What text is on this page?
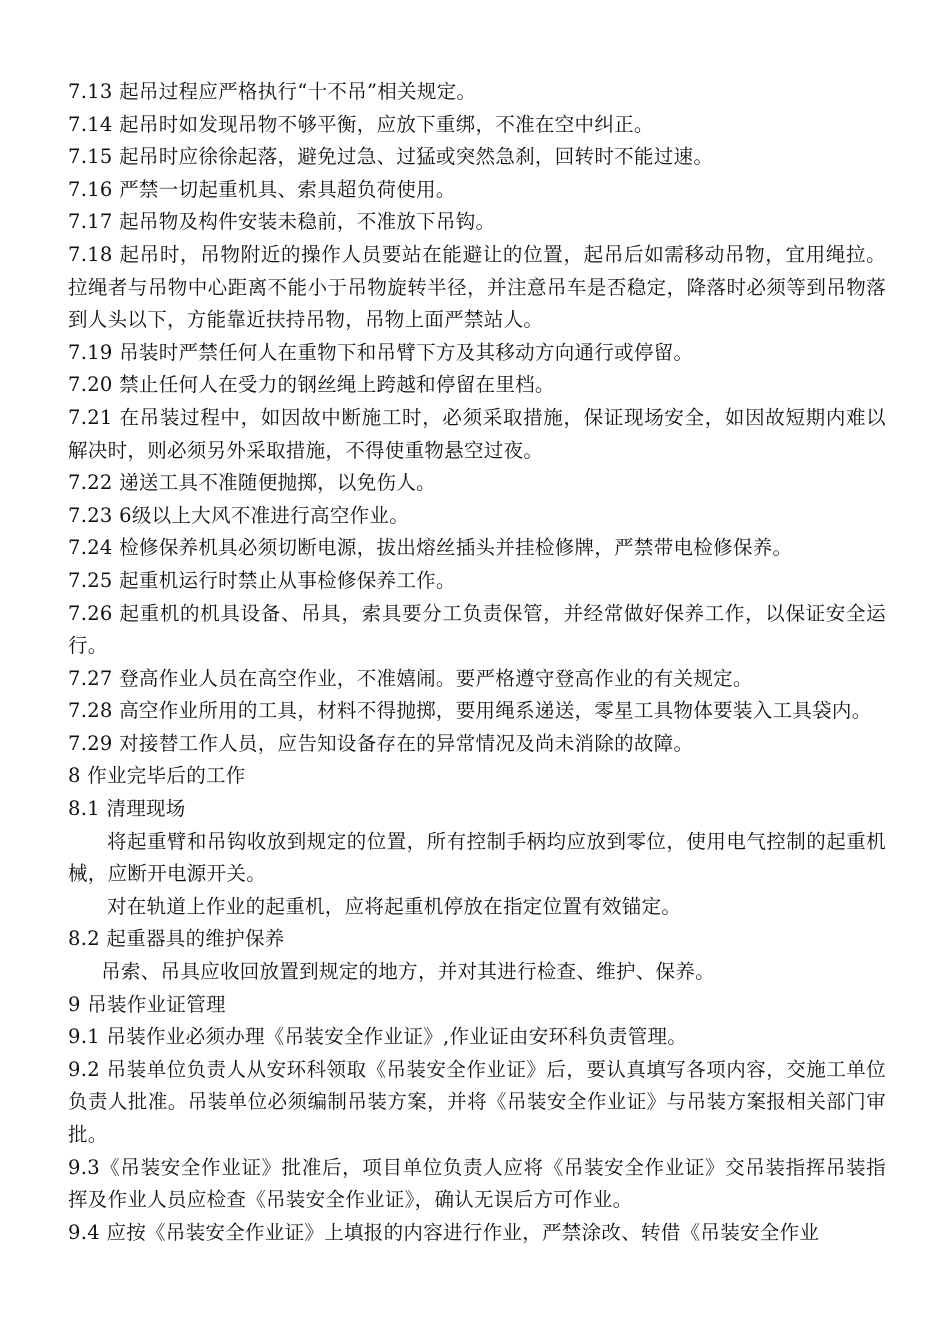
7.13 起吊过程应严格执行“十不吊”相关规定。

7.14 起吊时如发现吊物不够平衡，应放下重绑，不准在空中纠正。

7.15 起吊时应徐徐起落，避免过急、过猛或突然急刹，回转时不能过速。

7.16 严禁一切起重机具、索具超负荷使用。

7.17 起吊物及构件安装未稳前，不准放下吊钩。

7.18 起吊时，吊物附近的操作人员要站在能避让的位置，起吊后如需移动吊物，宜用绳拉。拉绳者与吊物中心距离不能小于吊物旋转半径，并注意吊车是否稳定，降落时必须等到吊物落到人头以下，方能靠近扶持吊物，吊物上面严禁站人。

7.19 吊装时严禁任何人在重物下和吊臂下方及其移动方向通行或停留。

7.20 禁止任何人在受力的钢丝绳上跨越和停留在里档。

7.21 在吊装过程中，如因故中断施工时，必须采取措施，保证现场安全，如因故短期内难以解决时，则必须另外采取措施，不得使重物悬空过夜。

7.22 递送工具不准随便抛掷，以免伤人。

7.23 6级以上大风不准进行高空作业。

7.24 检修保养机具必须切断电源，拔出熔丝插头并挂检修牌，严禁带电检修保养。

7.25 起重机运行时禁止从事检修保养工作。

7.26 起重机的机具设备、吊具，索具要分工负责保管，并经常做好保养工作，以保证安全运行。

7.27 登高作业人员在高空作业，不准嬉闹。要严格遵守登高作业的有关规定。

7.28 高空作业所用的工具，材料不得抛掷，要用绳系递送，零星工具物体要装入工具袋内。

7.29 对接替工作人员，应告知设备存在的异常情况及尚未消除的故障。

8 作业完毕后的工作

8.1 清理现场

将起重臂和吊钩收放到规定的位置，所有控制手柄均应放到零位，使用电气控制的起重机械，应断开电源开关。

对在轨道上作业的起重机，应将起重机停放在指定位置有效锚定。

8.2 起重器具的维护保养

吊索、吊具应收回放置到规定的地方，并对其进行检查、维护、保养。

9 吊装作业证管理

9.1 吊装作业必须办理《吊装安全作业证》,作业证由安环科负责管理。

9.2 吊装单位负责人从安环科领取《吊装安全作业证》后，要认真填写各项内容，交施工单位负责人批准。吊装单位必须编制吊装方案，并将《吊装安全作业证》与吊装方案报相关部门审批。

9.3《吊装安全作业证》批准后，项目单位负责人应将《吊装安全作业证》交吊装指挥吊装指挥及作业人员应检查《吊装安全作业证》，确认无误后方可作业。

9.4 应按《吊装安全作业证》上填报的内容进行作业，严禁涂改、转借《吊装安全作业
